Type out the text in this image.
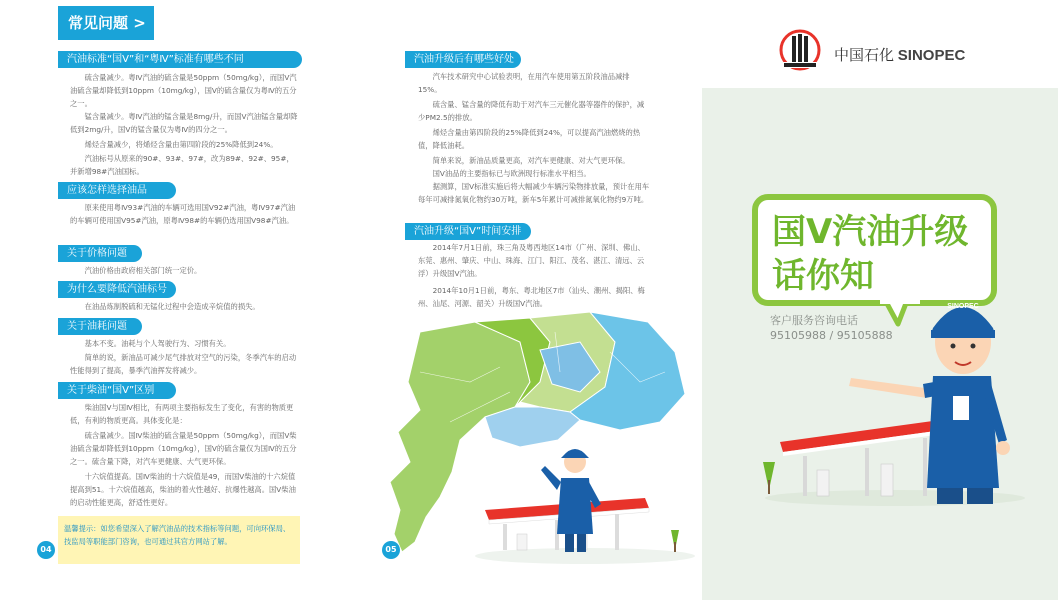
常见问题 >
汽油标准“国Ⅴ”和“粤Ⅳ”标准有哪些不同
硫含量减少。粤Ⅳ汽油的硫含量是50ppm（50mg/kg），而国Ⅴ汽油硫含量却降低到10ppm（10mg/kg），国Ⅴ的硫含量仅为粤Ⅳ的五分之一。
锰含量减少。粤Ⅳ汽油的锰含量是8mg/升，而国Ⅴ汽油锰含量却降低到2mg/升，国Ⅴ的锰含量仅为粤Ⅳ的四分之一。
烯烃含量减少，将烯烃含量由第四阶段的25%降低到24%。
汽油标号从原来的90#、93#、97#，改为89#、92#、95#，并新增98#汽油国标。
应该怎样选择油品
原来使用粤Ⅳ93#汽油的车辆可选用国Ⅴ92#汽油，粤Ⅳ97#汽油的车辆可使用国Ⅴ95#汽油，原粤Ⅳ98#的车辆仍选用国Ⅴ98#汽油。
关于价格问题
汽油价格由政府相关部门统一定价。
为什么要降低汽油标号
在油品炼制脱硫和无锰化过程中会造成辛烷值的损失。
关于油耗问题
基本不变。油耗与个人驾驶行为、习惯有关。
简单的说，新油品可减少尾气排放对空气的污染，冬季汽车的启动性能得到了提高，暴季汽油挥发将减少。
关于柴油“国Ⅴ”区别
柴油国Ⅴ与国Ⅳ相比，有两项主要指标发生了变化，有害的物质更低，有利的物质更高。具体变化是：
硫含量减少。国Ⅳ柴油的硫含量是50ppm（50mg/kg），而国Ⅴ柴油硫含量却降低到10ppm（10mg/kg），国Ⅴ的硫含量仅为国Ⅳ的五分之一。硫含量下降，对汽车更健康、大气更环保。
十六烷值提高。国Ⅳ柴油的十六烷值是49，而国Ⅴ柴油的十六烷值提高到51。十六烷值越高，柴油的着火性越好、抗爆性越高。国Ⅴ柴油的启动性能更高，舒适性更好。
温馨提示：如您希望深入了解汽油品的技术指标等问题，可向环保局、技监局等职能部门咨询，也可通过其官方网站了解。
04
汽油升级后有哪些好处
汽车技术研究中心试验表明，在用汽车使用第五阶段油品减排15%。
硫含量、锰含量的降低有助于对汽车三元催化器等器件的保护，减少PM2.5的排放。
烯烃含量由第四阶段的25%降低到24%，可以提高汽油燃烧的热值，降低油耗。
简单来说，新油品质量更高，对汽车更健康、对大气更环保。
国Ⅴ油品的主要指标已与欧洲现行标准水平相当。
据测算，国Ⅴ标准实施后将大幅减少车辆污染物排放量，预计在用车每年可减排氮氧化物约30万吨，新车5年累计可减排氮氧化物约9万吨。
汽油升级“国Ⅴ”时间安排
2014年7月1日前，珠三角及粤西地区14市（广州、深圳、佛山、东莞、惠州、肇庆、中山、珠海、江门、阳江、茂名、湛江、清远、云浮）升级国Ⅴ汽油。
2014年10月1日前，粤东、粤北地区7市（汕头、潮州、揭阳、梅州、汕尾、河源、韶关）升级国Ⅴ汽油。
05
中国石化 SINOPEC
国Ⅴ汽油升级
话你知
客户服务咨询电话
95105988 / 95105888
SINOPEC
